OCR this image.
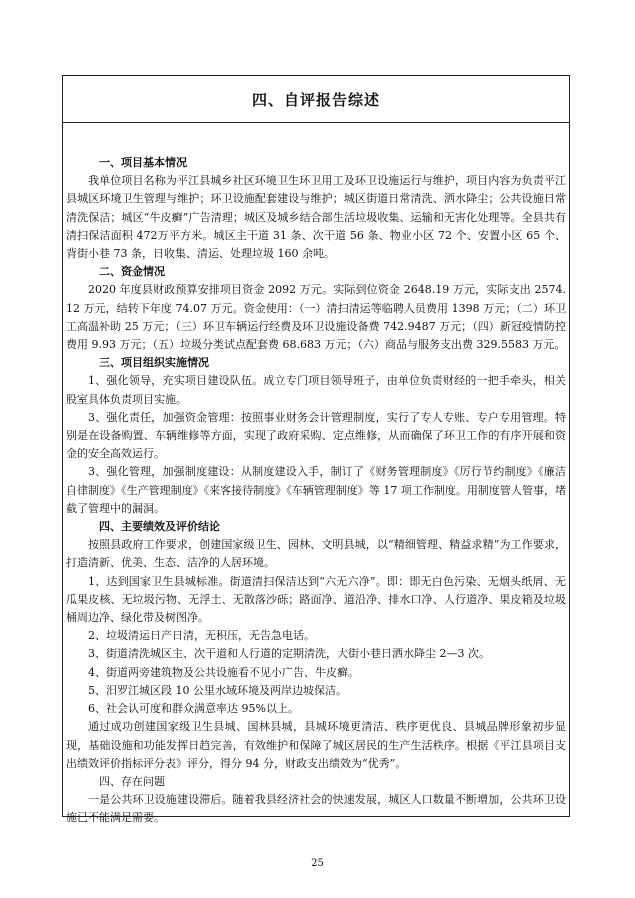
四、自评报告综述

一、项目基本情况

我单位项目名称为平江县城乡社区环境卫生环卫用工及环卫设施运行与维护，项目内容为负责平江县城区环境卫生管理与维护；环卫设施配套建设与维护；城区街道日常清洗、洒水降尘；公共设施日常清洗保洁；城区“牛皮癣”广告清理；城区及城乡结合部生活垃圾收集、运输和无害化处理等。全县共有清扫保洁面积 472万平方米。城区主干道 31 条、次干道 56 条、物业小区 72 个、安置小区 65 个、背街小巷 73 条，日收集、清运、处理垃圾 160 余吨。

二、资金情况

2020 年度县财政预算安排项目资金 2092 万元。实际到位资金 2648.19 万元，实际支出 2574.12 万元，结转下年度 74.07 万元。资金使用：（一）清扫清运等临聘人员费用 1398 万元；（二）环卫工高温补助 25 万元；（三）环卫车辆运行经费及环卫设施设备费 742.9487 万元；（四）新冠疫情防控费用 9.93 万元；（五）垃圾分类试点配套费 68.683 万元；（六）商品与服务支出费 329.5583 万元。

三、项目组织实施情况

1、强化领导，充实项目建设队伍。成立专门项目领导班子，由单位负责财经的一把手牵头，相关股室具体负责项目实施。

3、强化责任，加强资金管理：按照事业财务会计管理制度，实行了专人专账、专户专用管理。特别是在设备购置、车辆维修等方面，实现了政府采购、定点维修，从而确保了环卫工作的有序开展和资金的安全高效运行。

3、强化管理，加强制度建设：从制度建设入手，制订了《财务管理制度》《厉行节约制度》《廉洁自律制度》《生产管理制度》《来客接待制度》《车辆管理制度》等 17 项工作制度。用制度管人管事，堵截了管理中的漏洞。

四、主要绩效及评价结论

按照县政府工作要求，创建国家级卫生、园林、文明县城，以“精细管理、精益求精”为工作要求，打造清新、优美、生态、洁净的人居环境。

1、达到国家卫生县城标准。街道清扫保洁达到“六无六净”。即：即无白色污染、无烟头纸屑、无瓜果皮核、无垃圾污物、无浮土、无散落沙砾；路面净、道沿净、排水口净、人行道净、果皮箱及垃圾桶周边净、绿化带及树图净。

2、垃圾清运日产日清，无积压，无告急电话。

3、街道清洗城区主、次干道和人行道的定期清洗，大街小巷日洒水降尘 2—3 次。

4、街道两旁建筑物及公共设施看不见小广告、牛皮癣。

5、汨罗江城区段 10 公里水域环境及两岸边坡保洁。

6、社会认可度和群众满意率达 95%以上。

通过成功创建国家级卫生县城、国林县城，县城环境更清洁、秩序更优良、县城品牌形象初步显现，基础设施和功能发挥日趋完善，有效维护和保障了城区居民的生产生活秩序。根据《平江县项目支出绩效评价指标评分表》评分，得分 94 分，财政支出绩效为“优秀”。

四、存在问题

一是公共环卫设施建设滞后。随着我县经济社会的快速发展，城区人口数量不断增加，公共环卫设施已不能满足需要。

25
